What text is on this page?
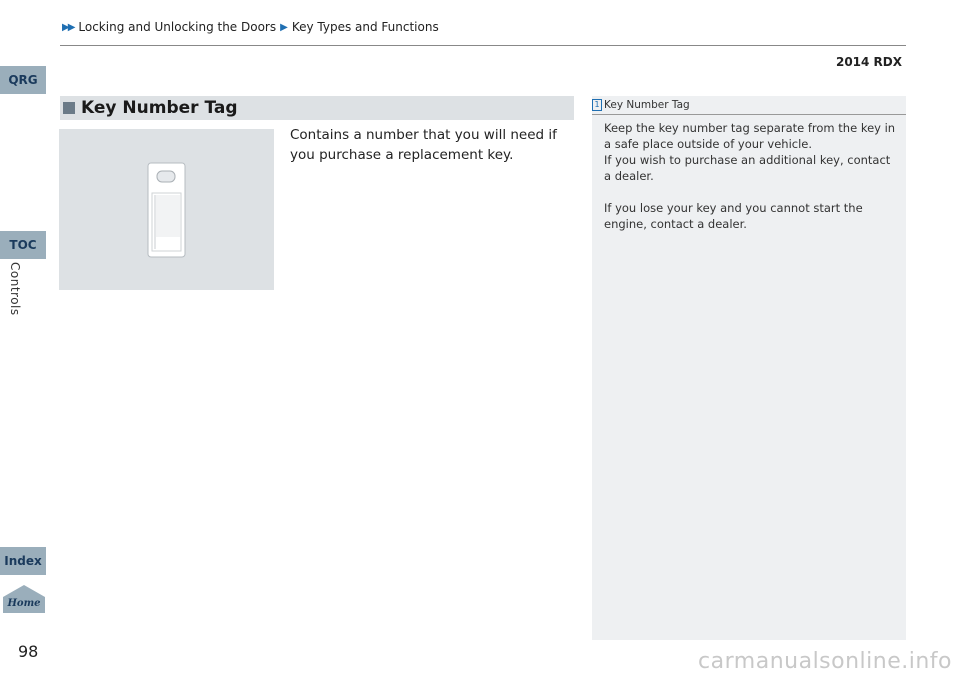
▶▶ Locking and Unlocking the Doors ▶ Key Types and Functions
2014 RDX
QRG
TOC
Controls
Index
Home
98
Key Number Tag
Contains a number that you will need if you purchase a replacement key.
1 Key Number Tag

Keep the key number tag separate from the key in a safe place outside of your vehicle.

If you wish to purchase an additional key, contact a dealer.

If you lose your key and you cannot start the engine, contact a dealer.

carmanualsonline.info
